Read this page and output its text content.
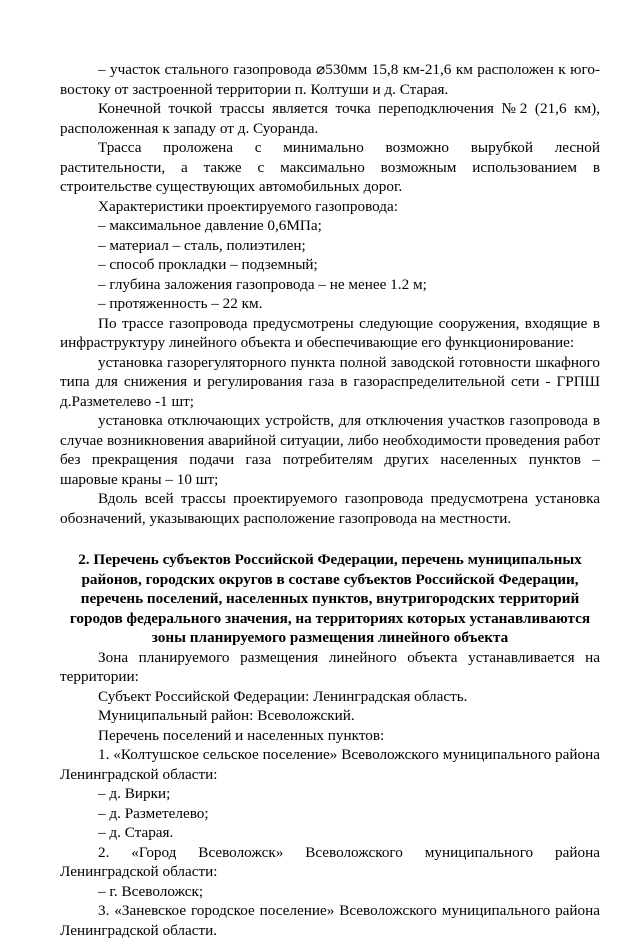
– участок стального газопровода ⌀530мм 15,8 км-21,6 км расположен к юго-востоку от застроенной территории п. Колтуши и д. Старая.

Конечной точкой трассы является точка переподключения №2 (21,6 км), расположенная к западу от д. Суоранда.

Трасса проложена с минимально возможно вырубкой лесной растительности, а также с максимально возможным использованием в строительстве существующих автомобильных дорог.

Характеристики проектируемого газопровода:

– максимальное давление 0,6МПа;

– материал – сталь, полиэтилен;

– способ прокладки – подземный;

– глубина заложения газопровода – не менее 1.2 м;

– протяженность – 22 км.

По трассе газопровода предусмотрены следующие сооружения, входящие в инфраструктуру линейного объекта и обеспечивающие его функционирование:

установка газорегуляторного пункта полной заводской готовности шкафного типа для снижения и регулирования газа в газораспределительной сети - ГРПШ д.Разметелево -1 шт;

установка отключающих устройств, для отключения участков газопровода в случае возникновения аварийной ситуации, либо необходимости проведения работ без прекращения подачи газа потребителям других населенных пунктов – шаровые краны – 10 шт;

Вдоль всей трассы проектируемого газопровода предусмотрена установка обозначений, указывающих расположение газопровода на местности.

2. Перечень субъектов Российской Федерации, перечень муниципальных районов, городских округов в составе субъектов Российской Федерации, перечень поселений, населенных пунктов, внутригородских территорий городов федерального значения, на территориях которых устанавливаются зоны планируемого размещения линейного объекта

Зона планируемого размещения линейного объекта устанавливается на территории:

Субъект Российской Федерации: Ленинградская область.

Муниципальный район: Всеволожский.

Перечень поселений и населенных пунктов:

1. «Колтушское сельское поселение» Всеволожского муниципального района Ленинградской области:

– д. Вирки;

– д. Разметелево;

– д. Старая.

2. «Город Всеволожск» Всеволожского муниципального района Ленинградской области:

– г. Всеволожск;

3. «Заневское городское поселение» Всеволожского муниципального района Ленинградской области.
